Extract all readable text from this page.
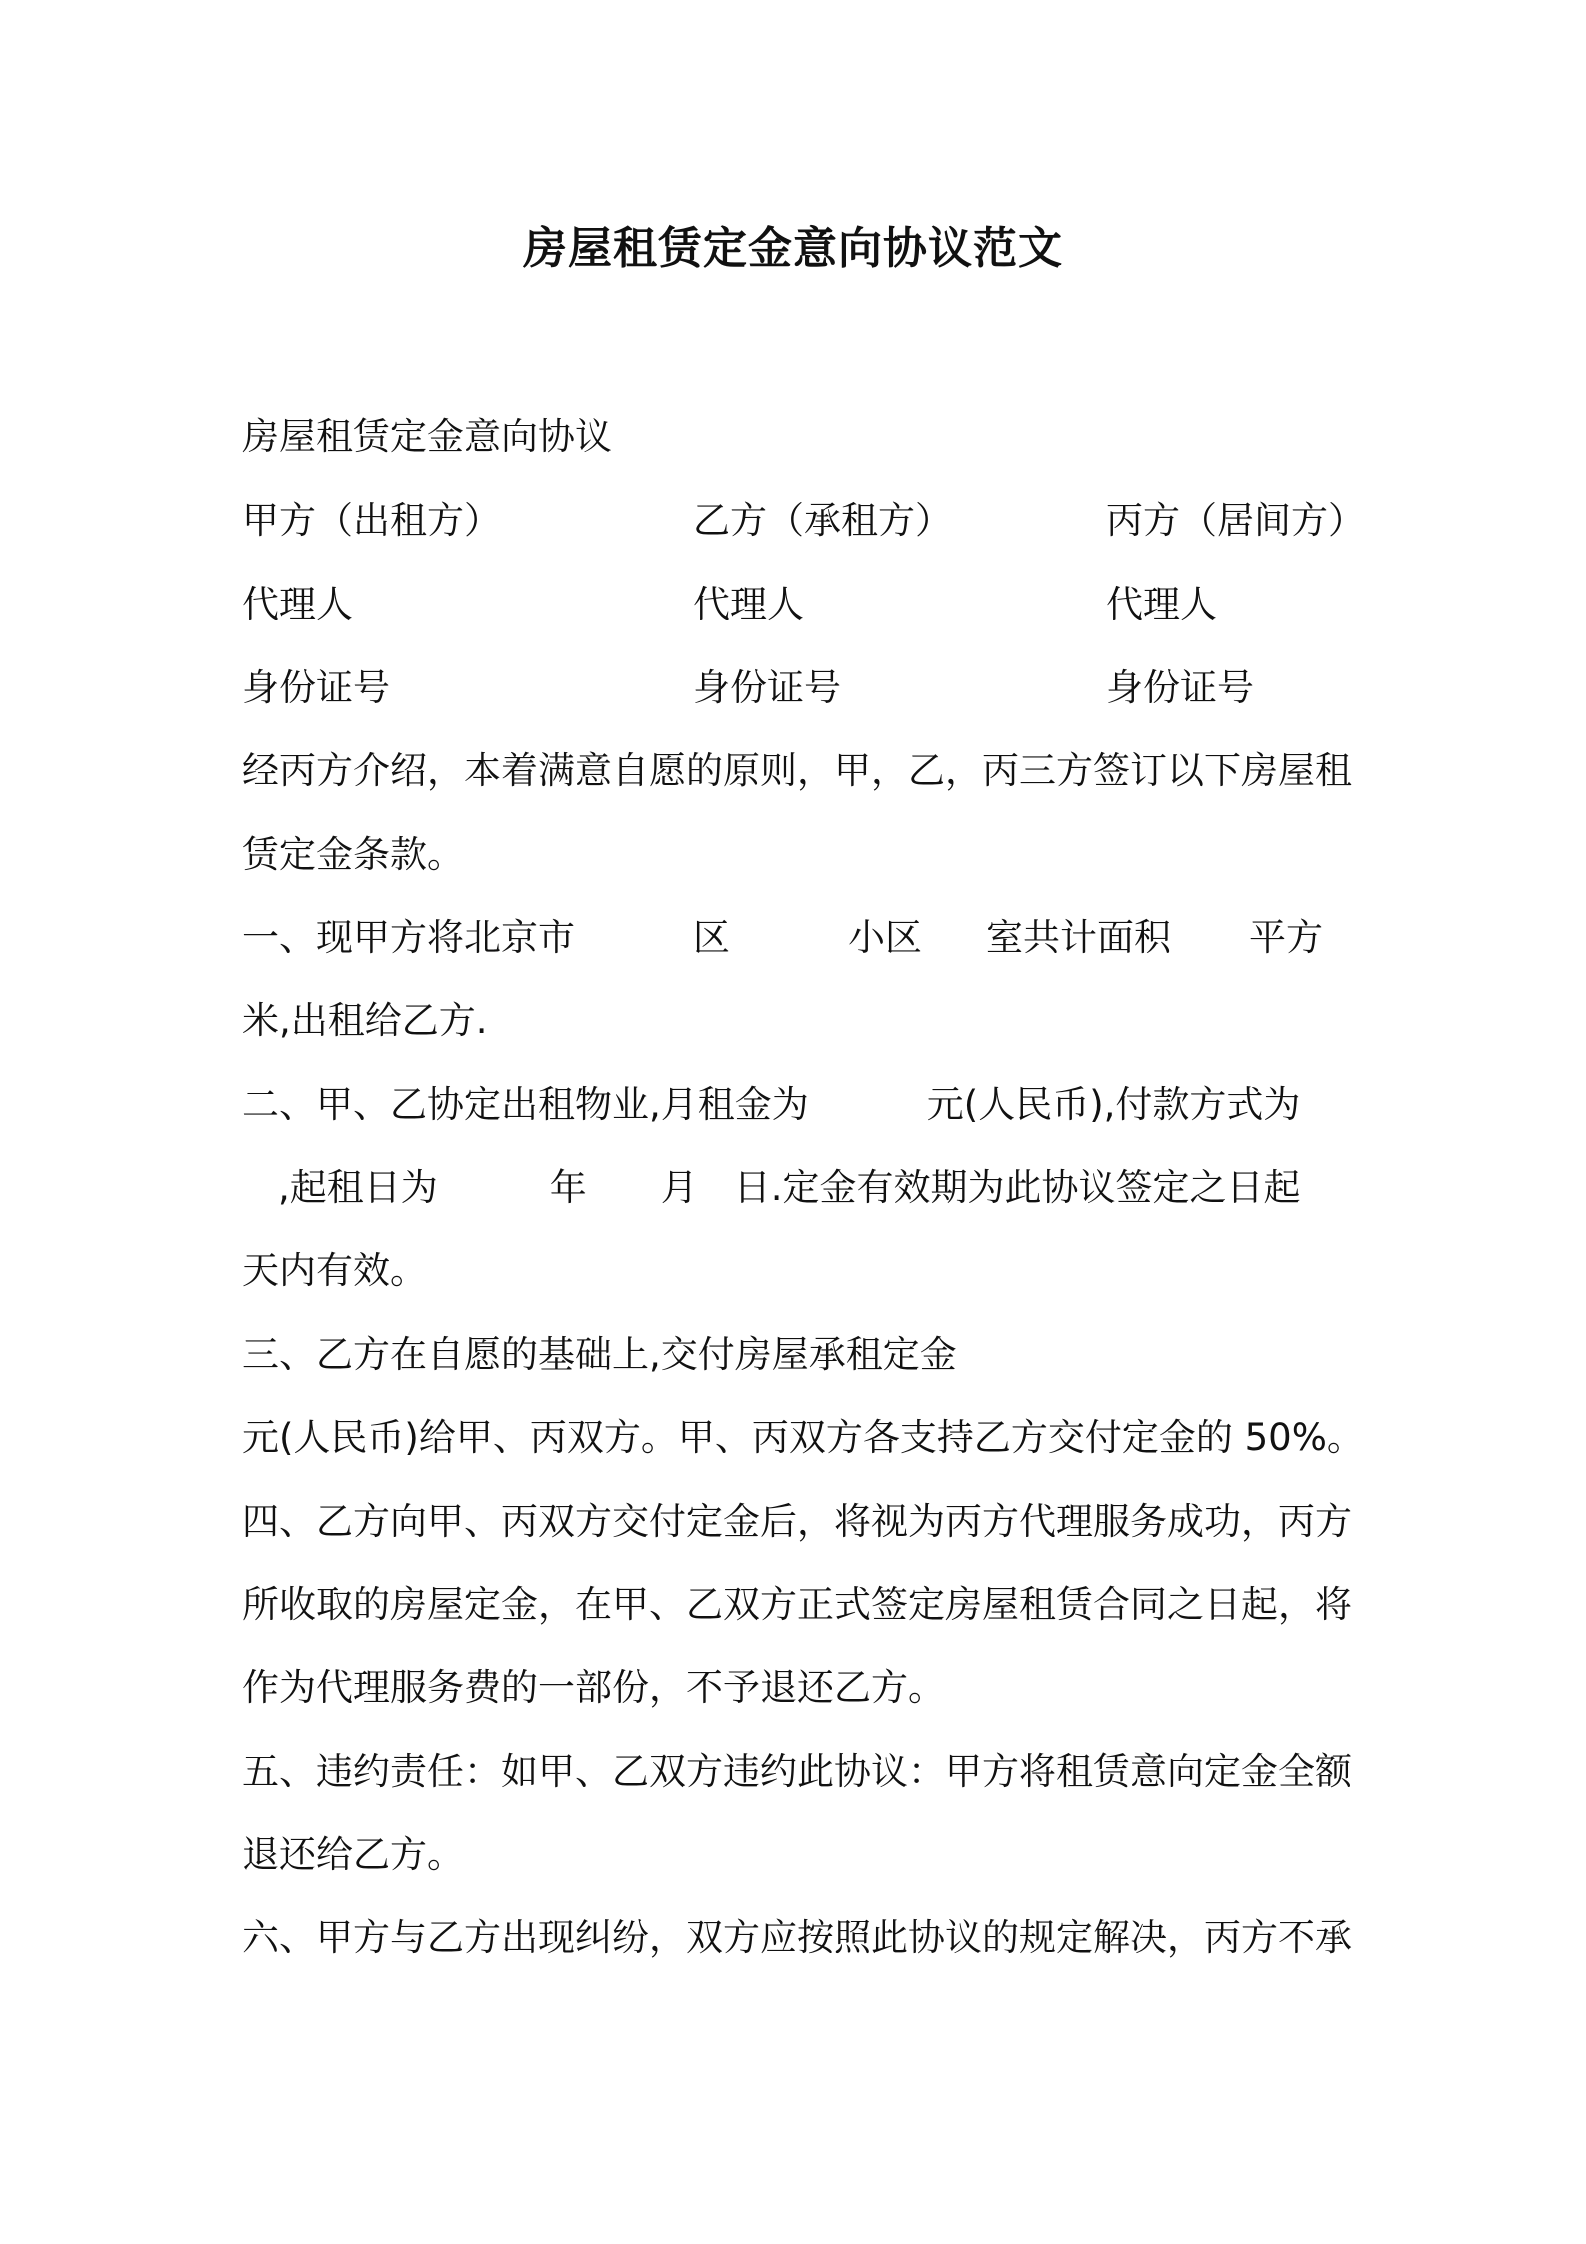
房屋租赁定金意向协议范文
房屋租赁定金意向协议
甲方（出租方）	乙方（承租方）	丙方（居间方）
代理人	代理人	代理人
身份证号	身份证号	身份证号
经丙方介绍，本着满意自愿的原则，甲，乙，丙三方签订以下房屋租
赁定金条款。
一、现甲方将北京市	区	小区 室共计面积 平方
米,出租给乙方.
二、甲、乙协定出租物业,月租金为	元(人民币),付款方式为
,起租日为	年 月 日.定金有效期为此协议签定之日起
天内有效。
三、乙方在自愿的基础上,交付房屋承租定金
元(人民币)给甲、丙双方。甲、丙双方各支持乙方交付定金的 50%。
四、乙方向甲、丙双方交付定金后，将视为丙方代理服务成功，丙方
所收取的房屋定金，在甲、乙双方正式签定房屋租赁合同之日起，将
作为代理服务费的一部份，不予退还乙方。
五、违约责任：如甲、乙双方违约此协议：甲方将租赁意向定金全额
退还给乙方。
六、甲方与乙方出现纠纷，双方应按照此协议的规定解决，丙方不承
